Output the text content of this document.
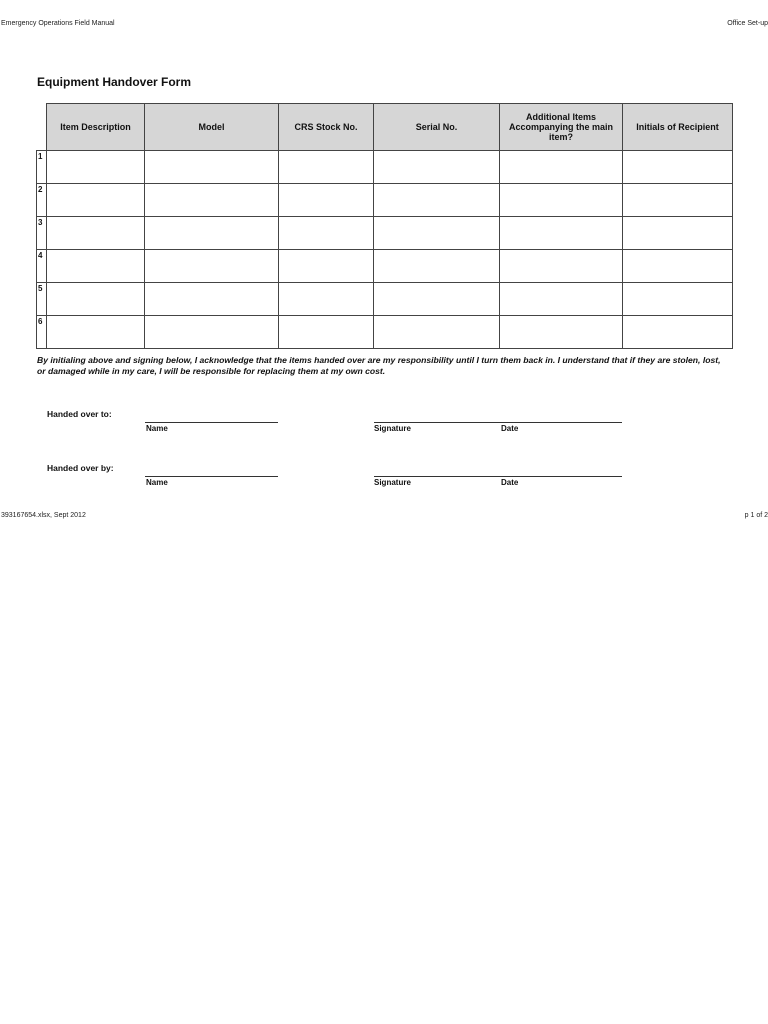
Emergency Operations Field Manual	Office Set-up
Equipment Handover Form
	Item Description	Model	CRS Stock No.	Serial No.	Additional Items Accompanying the main item?	Initials of Recipient
1						
2						
3						
4						
5						
6						
By initialing above and signing below, I acknowledge that the items handed over are my responsibility until I turn them back in. I understand that if they are stolen, lost, or damaged while in my care, I will be responsible for replacing them at my own cost.
Handed over to:
Name	Signature	Date
Handed over by:
Name	Signature	Date
393167654.xlsx, Sept 2012	p 1 of 2
